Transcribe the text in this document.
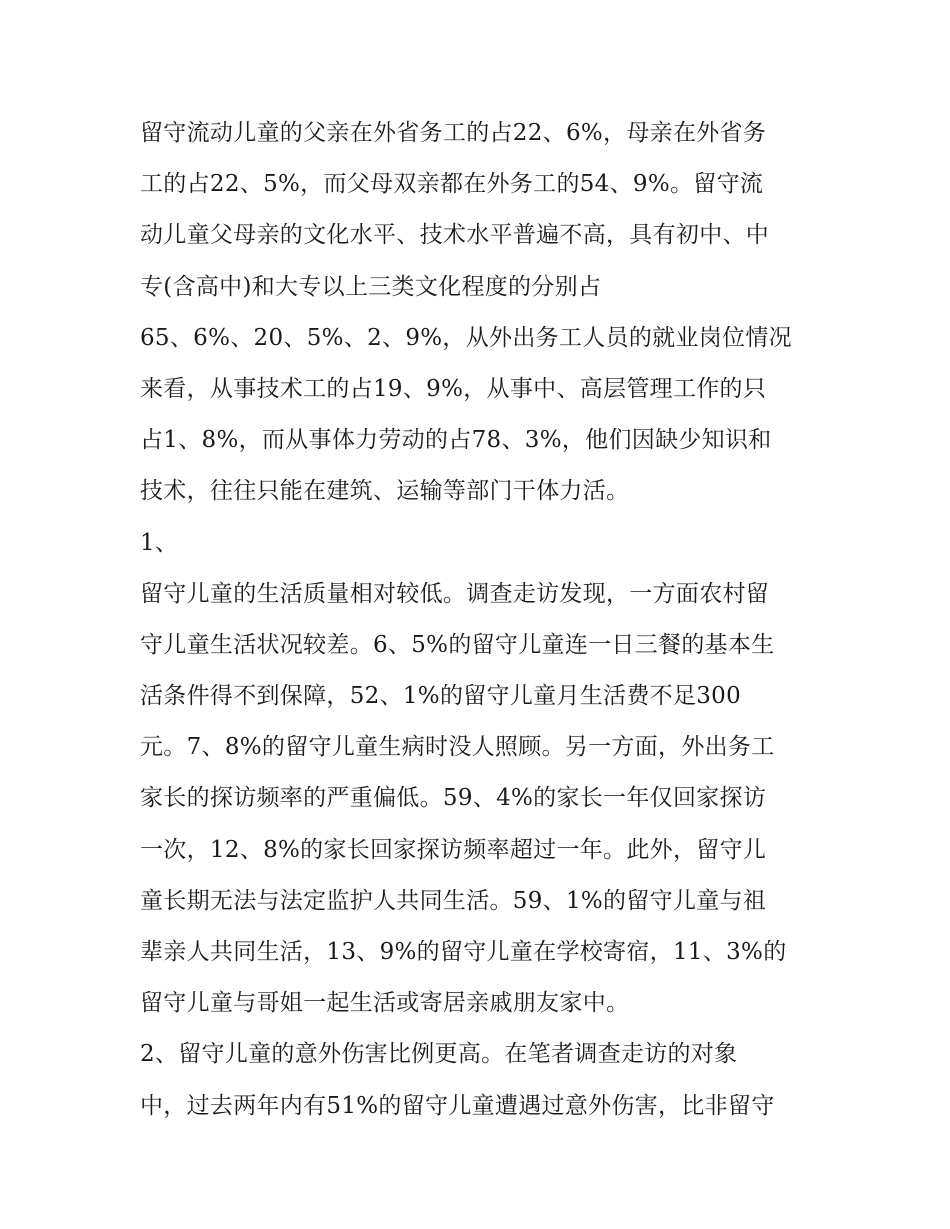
留守流动儿童的父亲在外省务工的占22、6%，母亲在外省务
工的占22、5%，而父母双亲都在外务工的54、9%。留守流
动儿童父母亲的文化水平、技术水平普遍不高，具有初中、中
专(含高中)和大专以上三类文化程度的分别占
65、6%、20、5%、2、9%，从外出务工人员的就业岗位情况
来看，从事技术工的占19、9%，从事中、高层管理工作的只
占1、8%，而从事体力劳动的占78、3%，他们因缺少知识和
技术，往往只能在建筑、运输等部门干体力活。
1、
留守儿童的生活质量相对较低。调查走访发现，一方面农村留
守儿童生活状况较差。6、5%的留守儿童连一日三餐的基本生
活条件得不到保障，52、1%的留守儿童月生活费不足300
元。7、8%的留守儿童生病时没人照顾。另一方面，外出务工
家长的探访频率的严重偏低。59、4%的家长一年仅回家探访
一次，12、8%的家长回家探访频率超过一年。此外，留守儿
童长期无法与法定监护人共同生活。59、1%的留守儿童与祖
辈亲人共同生活，13、9%的留守儿童在学校寄宿，11、3%的
留守儿童与哥姐一起生活或寄居亲戚朋友家中。
2、留守儿童的意外伤害比例更高。在笔者调查走访的对象
中，过去两年内有51%的留守儿童遭遇过意外伤害，比非留守
